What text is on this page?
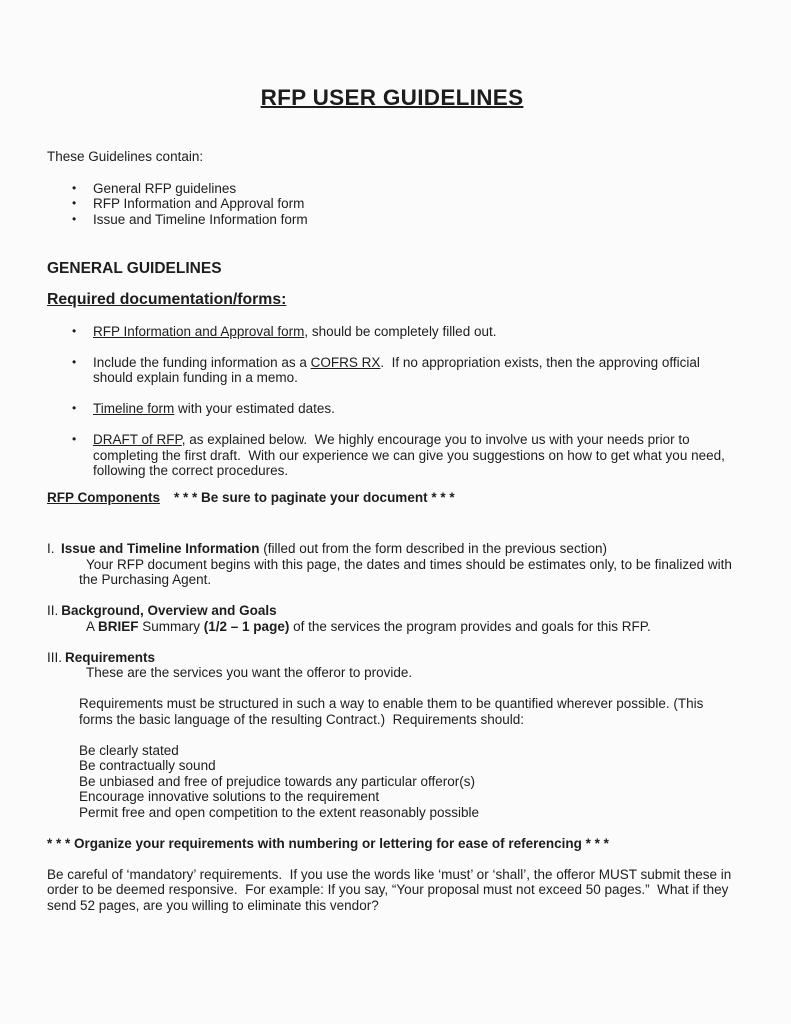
RFP USER GUIDELINES

These Guidelines contain:

•	General RFP guidelines
•	RFP Information and Approval form
•	Issue and Timeline Information form
GENERAL GUIDELINES
Required documentation/forms:
•	RFP Information and Approval form, should be completely filled out.
•	Include the funding information as a COFRS RX.  If no appropriation exists, then the approving official should explain funding in a memo.
•	Timeline form with your estimated dates.
•	DRAFT of RFP, as explained below.  We highly encourage you to involve us with your needs prior to completing the first draft.  With our experience we can give you suggestions on how to get what you need, following the correct procedures.

RFP Components * * * Be sure to paginate your document * * *

I. Issue and Timeline Information (filled out from the form described in the previous section)

Your RFP document begins with this page, the dates and times should be estimates only, to be finalized with the Purchasing Agent.

II. Background, Overview and Goals

A BRIEF Summary (1/2 – 1 page) of the services the program provides and goals for this RFP.

III. Requirements

These are the services you want the offeror to provide.

Requirements must be structured in such a way to enable them to be quantified wherever possible. (This forms the basic language of the resulting Contract.)  Requirements should:

Be clearly stated
Be contractually sound
Be unbiased and free of prejudice towards any particular offeror(s)
Encourage innovative solutions to the requirement
Permit free and open competition to the extent reasonably possible

* * * Organize your requirements with numbering or lettering for ease of referencing * * *

Be careful of ‘mandatory’ requirements.  If you use the words like ‘must’ or ‘shall’, the offeror MUST submit these in order to be deemed responsive.  For example: If you say, “Your proposal must not exceed 50 pages.”  What if they send 52 pages, are you willing to eliminate this vendor?
